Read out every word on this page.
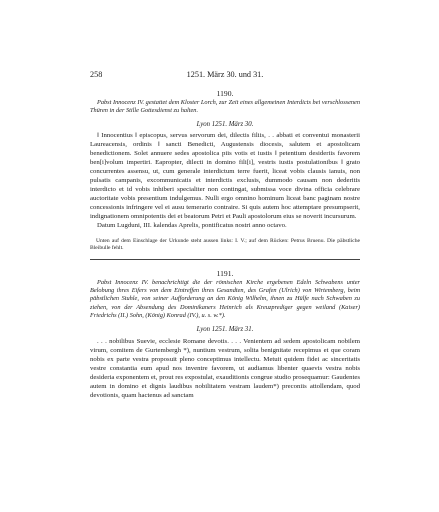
258	1251. März 30. und 31.
1190.
Pabst Innocenz IV. gestattet dem Kloster Lorch, zur Zeit eines allgemeinen Interdicts bei verschlossenen Thüren in der Stille Gottesdienst zu halten.
Lyon 1251. März 30.

‖ Innocentius ‖ episcopus, servus servorum dei, dilectis filiis, . . abbati et conventui monasterii Laureacensis, ordinis ‖ sancti Benedicti, Augustensis diocesis, salutem et apostolicam benedictionem. Solet annuere sedes apostolica piis votis et iustis ‖ petentium desideriis favorem ben[i]volum impertiri. Eapropter, dilecti in domino fili[i], vestris iustis postulationibus ‖ grato concurrentes assensu, ut, cum generale interdictum terre fuerit, liceat vobis clausis ianuis, non pulsatis campanis, excommunicatis et interdictis exclusis, dummodo causam non dederitis interdicto et id vobis inhiberi specialiter non contingat, submissa voce divina officia celebrare auctoritate vobis presentium indulgemus. Nulli ergo omnino hominum liceat banc paginam nostre concessionis infringere vel ei ausu temerario contraire. Si quis autem hoc attemptare presumpserit, indignationem omnipotentis dei et beatorum Petri et Pauli apostolorum eius se noverit incursurum.

Datum Lugduni, III. kalendas Aprelis, pontificatus nostri anno octavo.

Unten auf dem Einschlage der Urkunde steht aussen links: I. V.; auf dem Rücken: Petrus Bruenu. Die päbstliche Bleibulle fehlt.
1191.
Pabst Innocenz IV. benachrichtigt die der römischen Kirche ergebenen Edeln Schwabens unter Belobung ihres Eifers von dem Eintreffen ihres Gesandten, des Grafen (Ulrich) von Wirtemberg, beim päbstlichen Stuhle, von seiner Aufforderung an den König Wilhelm, ihnen zu Hülfe nach Schwaben zu ziehen, von der Absendung des Dominikaners Heinrich als Kreuzprediger gegen weiland (Kaiser) Friedrichs (II.) Sohn, (König) Konrad (IV.), u. s. w.*).
Lyon 1251. März 31.

. . . nobilibus Suevie, ecclesie Romane devotis. . . . Venientem ad sedem apostolicam nobilem virum, comitem de Gurtembergh *), nuntium vestrum, solita benignitate recepimus et que coram nobis ex parte vestra proposuit pleno conceptimus intellectu. Metuit quidem fidei ac sinceritatis vestre constantia eum apud nos inventre favorem, ut audiamus libenter quaevis vestra nobis desideria exponentem et, prout res expostulat, exauditionis congrue studio prosequamur: Gaudentes autem in domino et dignis laudibus nobilitatem vestram laudem*) preconiis attollendam, quod devotionis, quam hactenus ad sanctam
